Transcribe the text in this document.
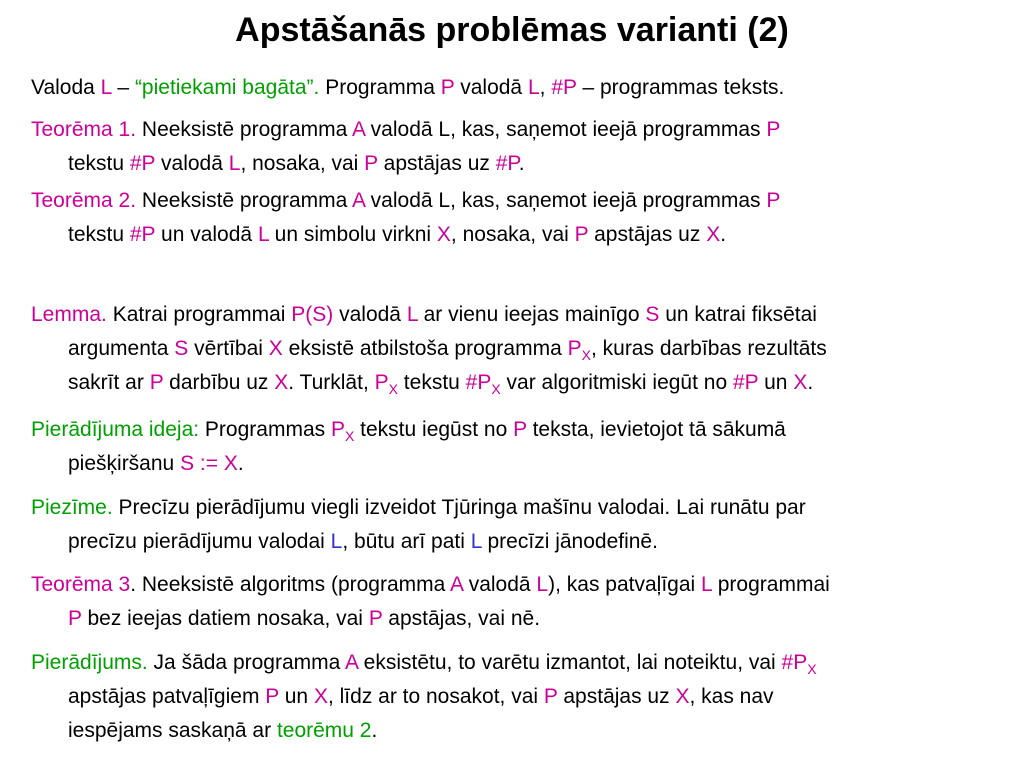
Apstāšanās problēmas varianti (2)
Valoda L – “pietiekami bagāta”. Programma P valodā L, #P – programmas teksts.
Teorēma 1. Neeksistē programma A valodā L, kas, saņemot ieejā programmas P
tekstu #P valodā L, nosaka, vai P apstājas uz #P.
Teorēma 2. Neeksistē programma A valodā L, kas, saņemot ieejā programmas P
tekstu #P un valodā L un simbolu virkni X, nosaka, vai P apstājas uz X.
Lemma. Katrai programmai P(S) valodā L ar vienu ieejas mainīgo S un katrai fiksētai
argumenta S vērtībai X eksistē atbilstoša programma $P_X$, kuras darbības rezultāts
sakrīt ar P darbību uz X. Turklāt, $P_X$ tekstu $\#P_X$ var algoritmiski iegūt no #P un X.
Pierādījuma ideja: Programmas $P_X$ tekstu iegūst no P teksta, ievietojot tā sākumā
piešķiršanu S := X.
Piezīme. Precīzu pierādījumu viegli izveidot Tjūringa mašīnu valodai. Lai runātu par
precīzu pierādījumu valodai L, būtu arī pati L precīzi jānodefinē.
Teorēma 3. Neeksistē algoritms (programma A valodā L), kas patvaļīgai L programmai
P bez ieejas datiem nosaka, vai P apstājas, vai nē.
Pierādījums. Ja šāda programma A eksistētu, to varētu izmantot, lai noteiktu, vai $\#P_X$
apstājas patvaļīgiem P un X, līdz ar to nosakot, vai P apstājas uz X, kas nav
iespējams saskaņā ar teorēmu 2.
